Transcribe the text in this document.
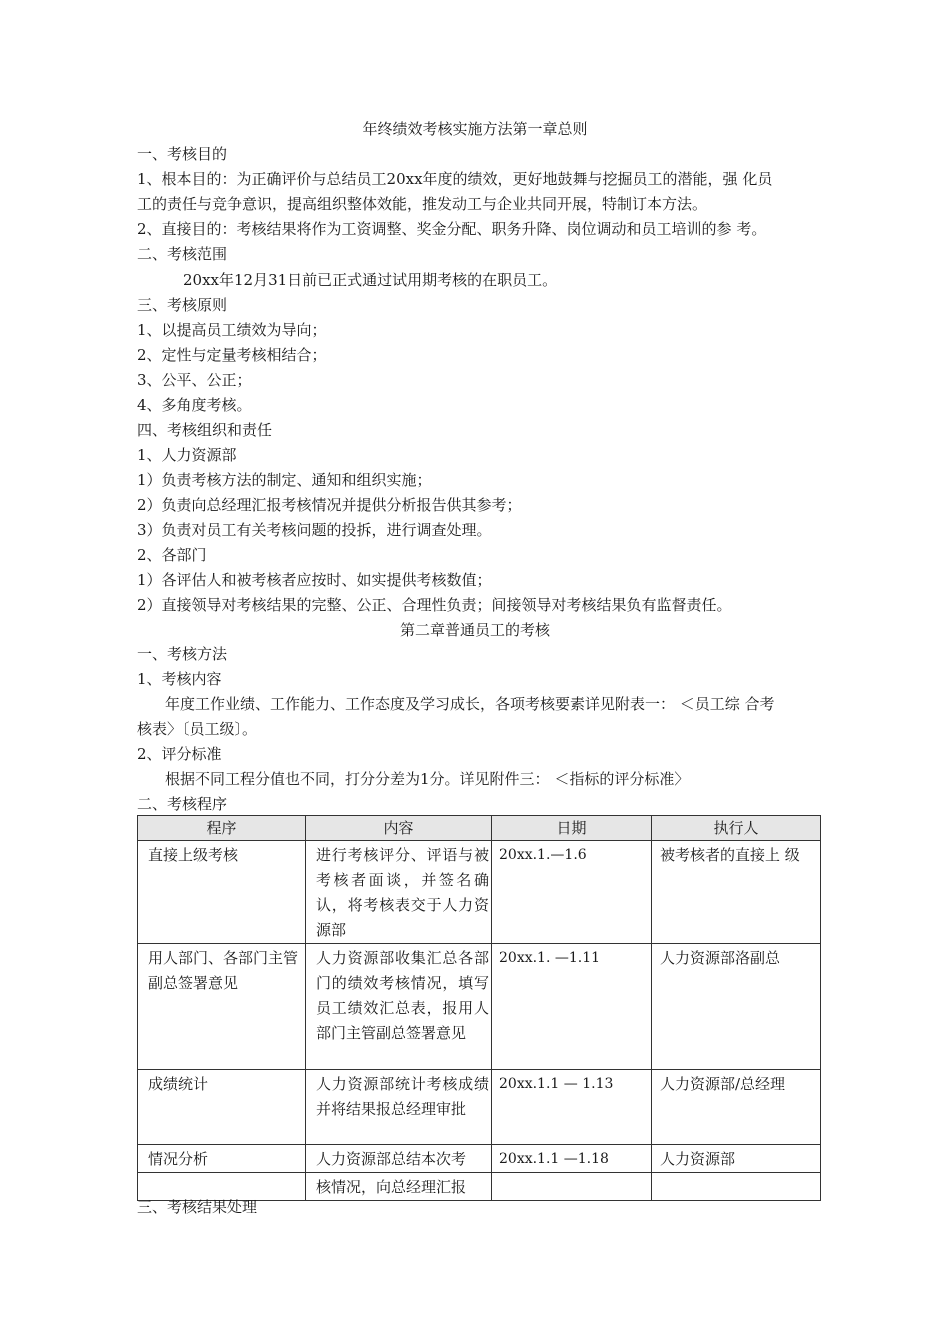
年终绩效考核实施方法第一章总则
一、考核目的
1、根本目的：为正确评价与总结员工20xx年度的绩效，更好地鼓舞与挖掘员工的潜能，强 化员
工的责任与竞争意识，提高组织整体效能，推发动工与企业共同开展，特制订本方法。
2、直接目的：考核结果将作为工资调整、奖金分配、职务升降、岗位调动和员工培训的参 考。
二、考核范围
20xx年12月31日前已正式通过试用期考核的在职员工。
三、考核原则
1、以提高员工绩效为导向；
2、定性与定量考核相结合；
3、公平、公正；
4、多角度考核。
四、考核组织和责任
1、人力资源部
1）负责考核方法的制定、通知和组织实施；
2）负责向总经理汇报考核情况并提供分析报告供其参考；
3）负责对员工有关考核问题的投拆，进行调查处理。
2、各部门
1）各评估人和被考核者应按时、如实提供考核数值；
2）直接领导对考核结果的完整、公正、合理性负责；间接领导对考核结果负有监督责任。
第二章普通员工的考核
一、考核方法
1、考核内容
年度工作业绩、工作能力、工作态度及学习成长，各项考核要素详见附表一： ＜员工综 合考
核表〉〔员工级〕。
2、评分标准
根据不同工程分值也不同，打分分差为1分。详见附件三： ＜指标的评分标准〉
二、考核程序
程序	内容	日期	执行人
直接上级考核	进行考核评分、评语与被考核者面谈，并签名确认，将考核表交于人力资源部	20xx.1.—1.6	被考核者的直接上 级
用人部门、各部门主管副总签署意见	人力资源部收集汇总各部门的绩效考核情况，填写员工绩效汇总表，报用人部门主管副总签署意见	20xx.1. —1.11	人力资源部洛副总
成绩统计	人力资源部统计考核成绩并将结果报总经理审批	20xx.1.1 — 1.13	人力资源部/总经理
情况分析	人力资源部总结本次考	20xx.1.1 —1.18	人力资源部
	核情况，向总经理汇报		
三、考核结果处理
